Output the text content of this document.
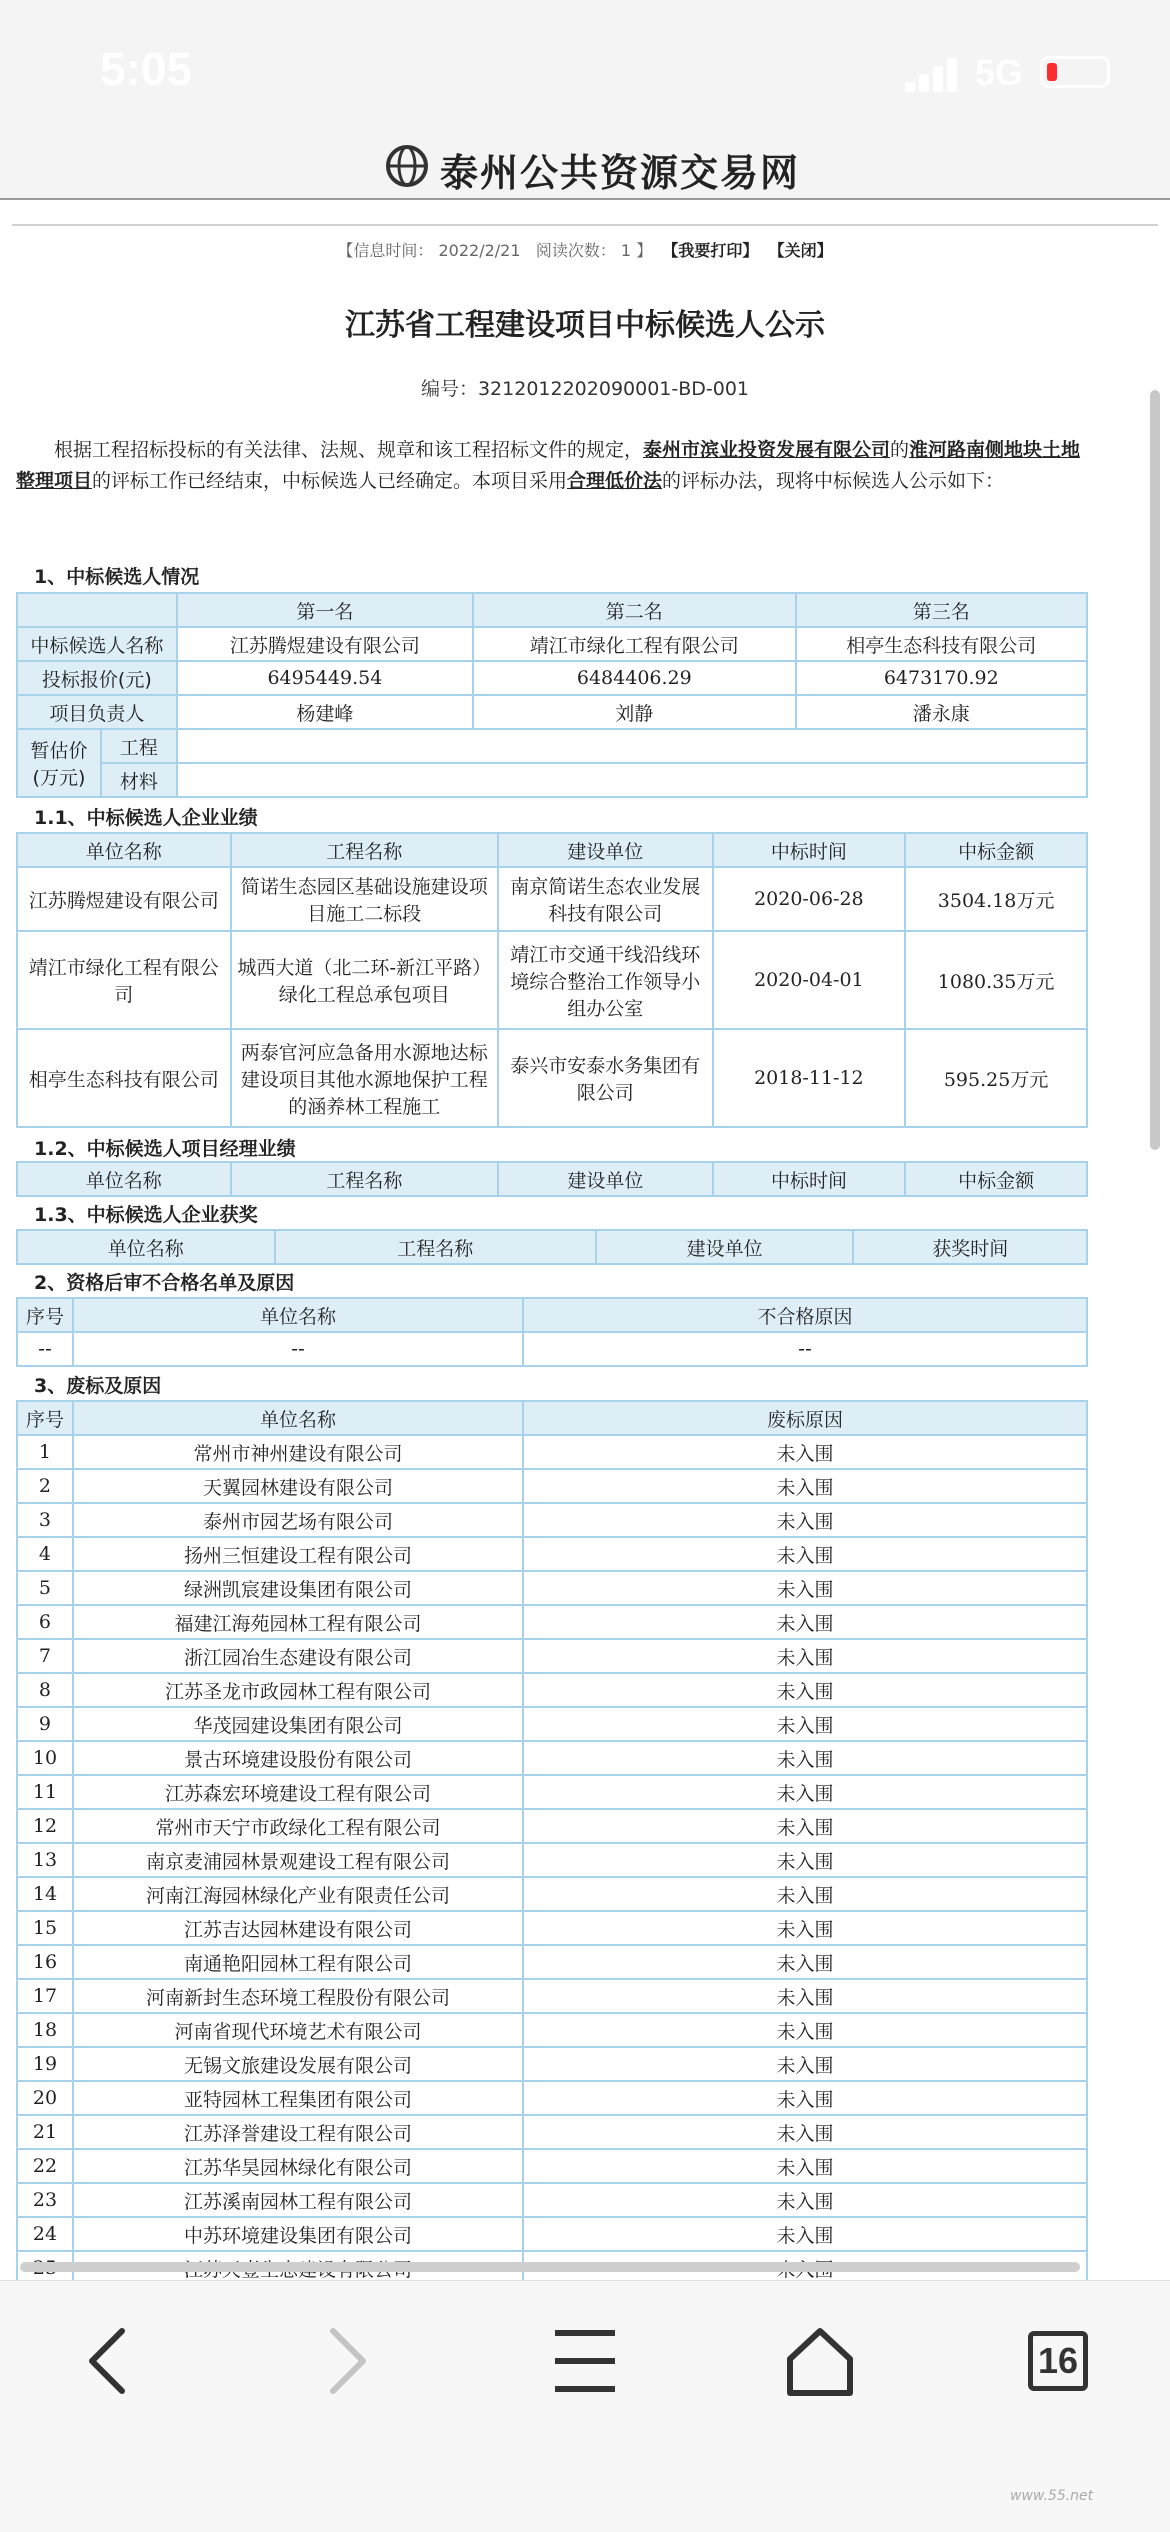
5:05	5G
泰州公共资源交易网
【信息时间： 2022/2/21 阅读次数： 1 】 【我要打印】 【关闭】
江苏省工程建设项目中标候选人公示
编号：3212012202090001-BD-001
根据工程招标投标的有关法律、法规、规章和该工程招标文件的规定，泰州市滨业投资发展有限公司的淮河路南侧地块土地整理项目的评标工作已经结束，中标候选人已经确定。本项目采用合理低价法的评标办法，现将中标候选人公示如下：
1、中标候选人情况
	第一名	第二名	第三名
中标候选人名称	江苏腾煜建设有限公司	靖江市绿化工程有限公司	相亭生态科技有限公司
投标报价(元)	6495449.54	6484406.29	6473170.92
项目负责人	杨建峰	刘静	潘永康
暂估价
(万元)	工程	
	材料	
1.1、中标候选人企业业绩
单位名称	工程名称	建设单位	中标时间	中标金额
江苏腾煜建设有限公司	简诺生态园区基础设施建设项目施工二标段	南京简诺生态农业发展科技有限公司	2020-06-28	3504.18万元
靖江市绿化工程有限公司	城西大道（北二环-新江平路）绿化工程总承包项目	靖江市交通干线沿线环境综合整治工作领导小组办公室	2020-04-01	1080.35万元
相亭生态科技有限公司	两泰官河应急备用水源地达标建设项目其他水源地保护工程的涵养林工程施工	泰兴市安泰水务集团有限公司	2018-11-12	595.25万元
1.2、中标候选人项目经理业绩
单位名称	工程名称	建设单位	中标时间	中标金额
1.3、中标候选人企业获奖
单位名称	工程名称	建设单位	获奖时间
2、资格后审不合格名单及原因
序号	单位名称	不合格原因
--	--	--
3、废标及原因
序号	单位名称	废标原因
1	常州市神州建设有限公司	未入围
2	天翼园林建设有限公司	未入围
3	泰州市园艺场有限公司	未入围
4	扬州三恒建设工程有限公司	未入围
5	绿洲凯宸建设集团有限公司	未入围
6	福建江海苑园林工程有限公司	未入围
7	浙江园冶生态建设有限公司	未入围
8	江苏圣龙市政园林工程有限公司	未入围
9	华茂园建设集团有限公司	未入围
10	景古环境建设股份有限公司	未入围
11	江苏森宏环境建设工程有限公司	未入围
12	常州市天宁市政绿化工程有限公司	未入围
13	南京麦浦园林景观建设工程有限公司	未入围
14	河南江海园林绿化产业有限责任公司	未入围
15	江苏吉达园林建设有限公司	未入围
16	南通艳阳园林工程有限公司	未入围
17	河南新封生态环境工程股份有限公司	未入围
18	河南省现代环境艺术有限公司	未入围
19	无锡文旅建设发展有限公司	未入围
20	亚特园林工程集团有限公司	未入围
21	江苏泽誉建设工程有限公司	未入围
22	江苏华昊园林绿化有限公司	未入围
23	江苏溪南园林工程有限公司	未入围
24	中苏环境建设集团有限公司	未入围

16
www.55.net
